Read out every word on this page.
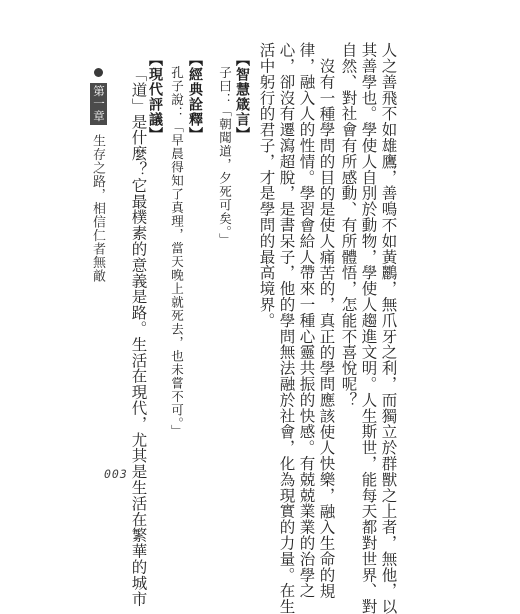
人之善飛不如雄鷹，善鳴不如黃鸝，無爪牙之利，而獨立於群獸之上者，無他，以
其善學也。學使人自別於動物，學使人趨進文明。人生斯世，能每天都對世界、對
自然、對社會有所感動、有所體悟，怎能不喜悅呢？
沒有一種學問的目的是使人痛苦的，真正的學問應該使人快樂，融入生命的規
律，融入人的性情。學習會給人帶來一種心靈共振的快感。有兢兢業業的治學之
心，卻沒有遷瀉超脫，是書呆子，他的學問無法融於社會，化為現實的力量。在生
活中躬行的君子，才是學問的最高境界。
【智慧箴言】
子曰：
「朝聞道，夕死可矣。」
【經典詮釋】
孔子說：「早晨得知了真理，當天晚上就死去，也未嘗不可。」
【現代評議】
「道」是什麼？它最樸素的意義是路。生活在現代，尤其是生活在繁華的城市
第一章
生存之路，相信仁者無敵
003
